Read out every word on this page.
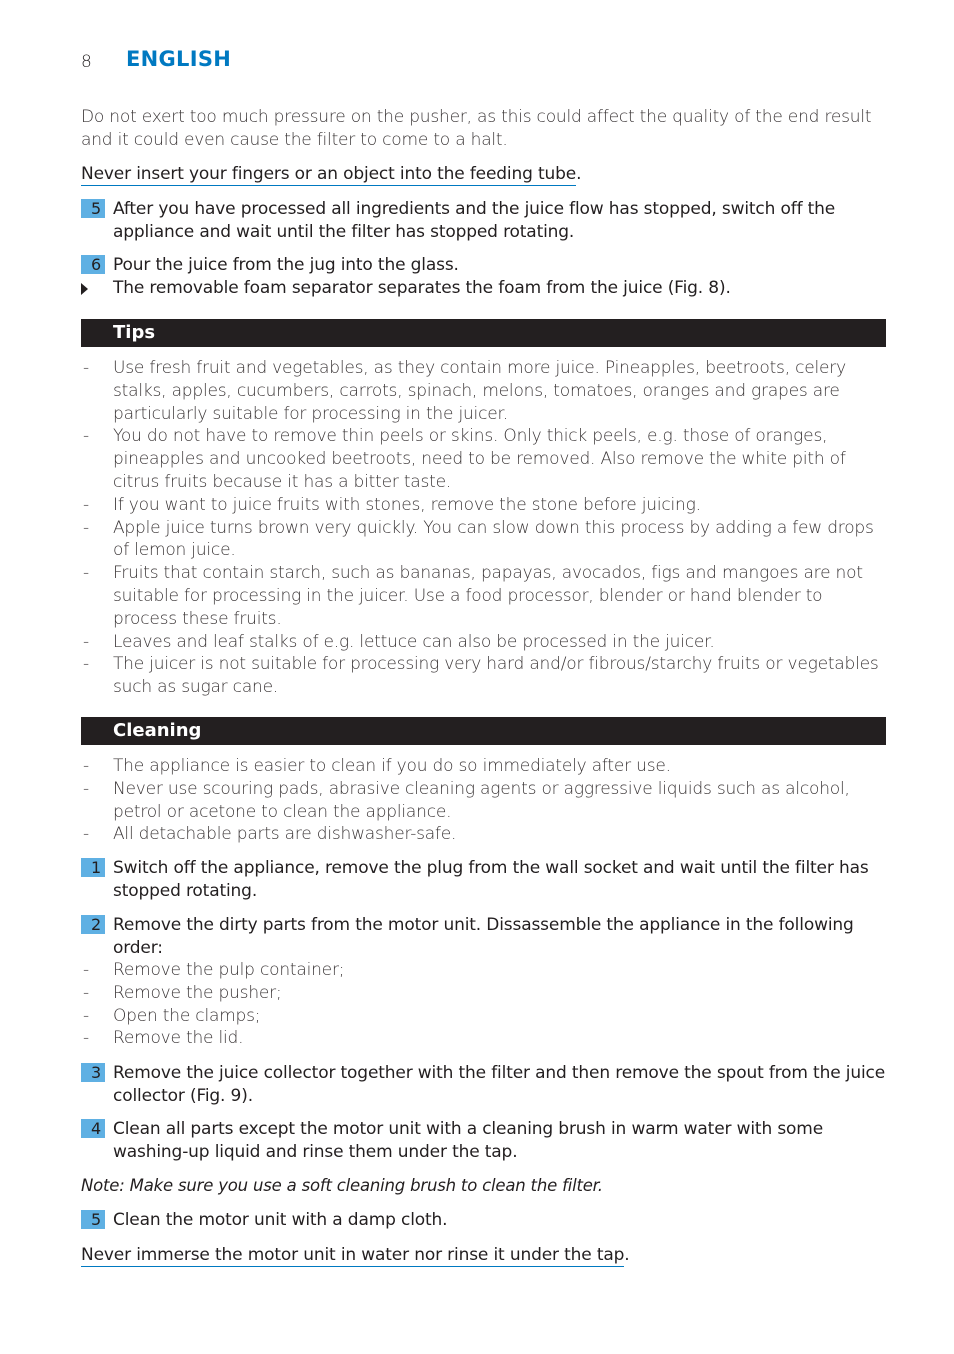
8 ENGLISH
Do not exert too much pressure on the pusher, as this could affect the quality of the end result and it could even cause the filter to come to a halt.
Never insert your fingers or an object into the feeding tube.
5 After you have processed all ingredients and the juice flow has stopped, switch off the appliance and wait until the filter has stopped rotating.
6 Pour the juice from the jug into the glass.
The removable foam separator separates the foam from the juice (Fig. 8).
Tips
- Use fresh fruit and vegetables, as they contain more juice. Pineapples, beetroots, celery stalks, apples, cucumbers, carrots, spinach, melons, tomatoes, oranges and grapes are particularly suitable for processing in the juicer.
- You do not have to remove thin peels or skins. Only thick peels, e.g. those of oranges, pineapples and uncooked beetroots, need to be removed. Also remove the white pith of citrus fruits because it has a bitter taste.
- If you want to juice fruits with stones, remove the stone before juicing.
- Apple juice turns brown very quickly. You can slow down this process by adding a few drops of lemon juice.
- Fruits that contain starch, such as bananas, papayas, avocados, figs and mangoes are not suitable for processing in the juicer. Use a food processor, blender or hand blender to process these fruits.
- Leaves and leaf stalks of e.g. lettuce can also be processed in the juicer.
- The juicer is not suitable for processing very hard and/or fibrous/starchy fruits or vegetables such as sugar cane.
Cleaning
- The appliance is easier to clean if you do so immediately after use.
- Never use scouring pads, abrasive cleaning agents or aggressive liquids such as alcohol, petrol or acetone to clean the appliance.
- All detachable parts are dishwasher-safe.
1 Switch off the appliance, remove the plug from the wall socket and wait until the filter has stopped rotating.
2 Remove the dirty parts from the motor unit. Dissassemble the appliance in the following order:
- Remove the pulp container;
- Remove the pusher;
- Open the clamps;
- Remove the lid.
3 Remove the juice collector together with the filter and then remove the spout from the juice collector (Fig. 9).
4 Clean all parts except the motor unit with a cleaning brush in warm water with some washing-up liquid and rinse them under the tap.
Note: Make sure you use a soft cleaning brush to clean the filter.
5 Clean the motor unit with a damp cloth.
Never immerse the motor unit in water nor rinse it under the tap.
